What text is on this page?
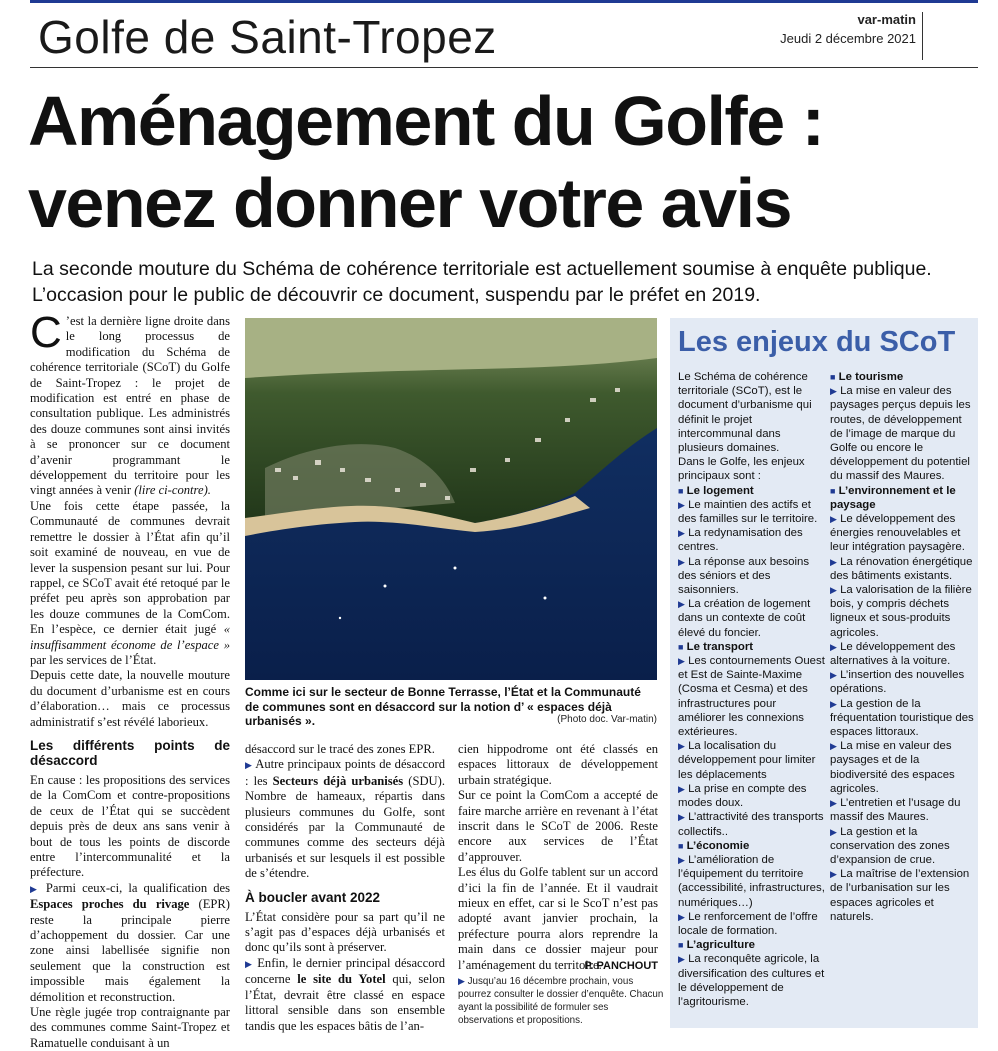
Golfe de Saint-Tropez	var-matin
Jeudi 2 décembre 2021
Aménagement du Golfe :
venez donner votre avis

La seconde mouture du Schéma de cohérence territoriale est actuellement soumise à enquête publique. L’occasion pour le public de découvrir ce document, suspendu par le préfet en 2019.

C ’est la dernière ligne droite dans le long processus de modification du Schéma de cohérence territoriale (SCoT) du Golfe de Saint-Tropez : le projet de modification est entré en phase de consultation publique. Les administrés des douze communes sont ainsi invités à se prononcer sur ce document d’avenir programmant le développement du territoire pour les vingt années à venir (lire ci-contre).

Une fois cette étape passée, la Communauté de communes devrait remettre le dossier à l’État afin qu’il soit examiné de nouveau, en vue de lever la suspension pesant sur lui. Pour rappel, ce SCoT avait été retoqué par le préfet peu après son approbation par les douze communes de la ComCom. En l’espèce, ce dernier était jugé « insuffisamment économe de l’espace » par les services de l’État.

Depuis cette date, la nouvelle mouture du document d’urbanisme est en cours d’élaboration… mais ce processus administratif s’est révélé laborieux.

Les différents points de désaccord

En cause : les propositions des services de la ComCom et contre-propositions de ceux de l’État qui se succèdent depuis près de deux ans sans venir à bout de tous les points de discorde entre l’intercommunalité et la préfecture.

▶ Parmi ceux-ci, la qualification des Espaces proches du rivage (EPR) reste la principale pierre d’achoppement du dossier. Car une zone ainsi labellisée signifie non seulement que la construction est impossible mais également la démolition et reconstruction.

Une règle jugée trop contraignante par des communes comme Saint-Tropez et Ramatuelle conduisant à un

Comme ici sur le secteur de Bonne Terrasse, l’État et la Communauté de communes sont en désaccord sur la notion d’ « espaces déjà urbanisés ».	(Photo doc. Var-matin)

désaccord sur le tracé des zones EPR.

▶ Autre principaux points de désaccord : les Secteurs déjà urbanisés (SDU). Nombre de hameaux, répartis dans plusieurs communes du Golfe, sont considérés par la Communauté de communes comme des secteurs déjà urbanisés et sur lesquels il est possible de s’étendre.

À boucler avant 2022

L’État considère pour sa part qu’il ne s’agit pas d’espaces déjà urbanisés et donc qu’ils sont à préserver.

▶ Enfin, le dernier principal désaccord concerne le site du Yotel qui, selon l’État, devrait être classé en espace littoral sensible dans son ensemble tandis que les espaces bâtis de l’an-

cien hippodrome ont été classés en espaces littoraux de développement urbain stratégique.

Sur ce point la ComCom a accepté de faire marche arrière en revenant à l’état inscrit dans le SCoT de 2006. Reste encore aux services de l’État d’approuver.

Les élus du Golfe tablent sur un accord d’ici la fin de l’année. Et il vaudrait mieux en effet, car si le ScoT n’est pas adopté avant janvier prochain, la préfecture pourra alors reprendre la main dans ce dossier majeur pour l’aménagement du territoire.

P. PANCHOUT
▶ Jusqu’au 16 décembre prochain, vous pourrez consulter le dossier d’enquête. Chacun ayant la possibilité de formuler ses observations et propositions.
Les enjeux du SCoT
Le Schéma de cohérence territoriale (SCoT), est le document d’urbanisme qui définit le projet intercommunal dans plusieurs domaines.
Dans le Golfe, les enjeux principaux sont :
■ Le logement
▶ Le maintien des actifs et des familles sur le territoire.
▶ La redynamisation des centres.
▶ La réponse aux besoins des séniors et des saisonniers.
▶ La création de logement dans un contexte de coût élevé du foncier.
■ Le transport
▶ Les contournements Ouest et Est de Sainte-Maxime (Cosma et Cesma) et des infrastructures pour améliorer les connexions extérieures.
▶ La localisation du développement pour limiter les déplacements
▶ La prise en compte des modes doux.
▶ L’attractivité des transports collectifs..
■ L’économie
▶ L’amélioration de l’équipement du territoire (accessibilité, infrastructures, numériques…)
▶ Le renforcement de l’offre locale de formation.
■ L’agriculture
▶ La reconquête agricole, la diversification des cultures et le développement de l’agritourisme.
■ Le tourisme
▶ La mise en valeur des paysages perçus depuis les routes, de développement de l’image de marque du Golfe ou encore le développement du potentiel du massif des Maures.
■ L’environnement et le paysage
▶ Le développement des énergies renouvelables et leur intégration paysagère.
▶ La rénovation énergétique des bâtiments existants.
▶ La valorisation de la filière bois, y compris déchets ligneux et sous-produits agricoles.
▶ Le développement des alternatives à la voiture.
▶ L’insertion des nouvelles opérations.
▶ La gestion de la fréquentation touristique des espaces littoraux.
▶ La mise en valeur des paysages et de la biodiversité des espaces agricoles.
▶ L’entretien et l’usage du massif des Maures.
▶ La gestion et la conservation des zones d’expansion de crue.
▶ La maîtrise de l’extension de l’urbanisation sur les espaces agricoles et naturels.
